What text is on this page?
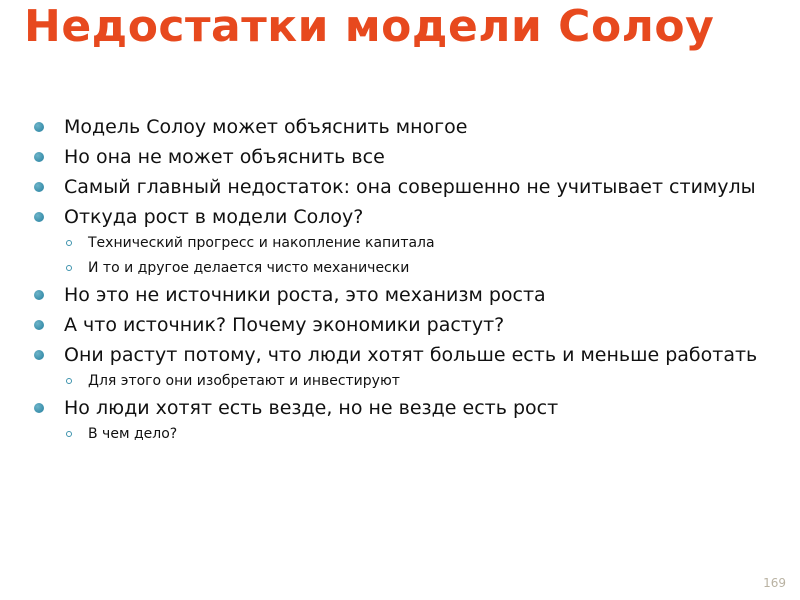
Недостатки модели Солоу
Модель Солоу может объяснить многое
Но она не может объяснить все
Самый главный недостаток: она совершенно не учитывает стимулы
Откуда рост в модели Солоу?
Технический прогресс и накопление капитала
И то и другое делается чисто механически
Но это не источники роста, это механизм роста
А что источник? Почему экономики растут?
Они растут потому, что люди хотят больше есть и меньше работать
Для этого они изобретают и инвестируют
Но люди хотят есть везде, но не везде есть рост
В чем дело?
169
